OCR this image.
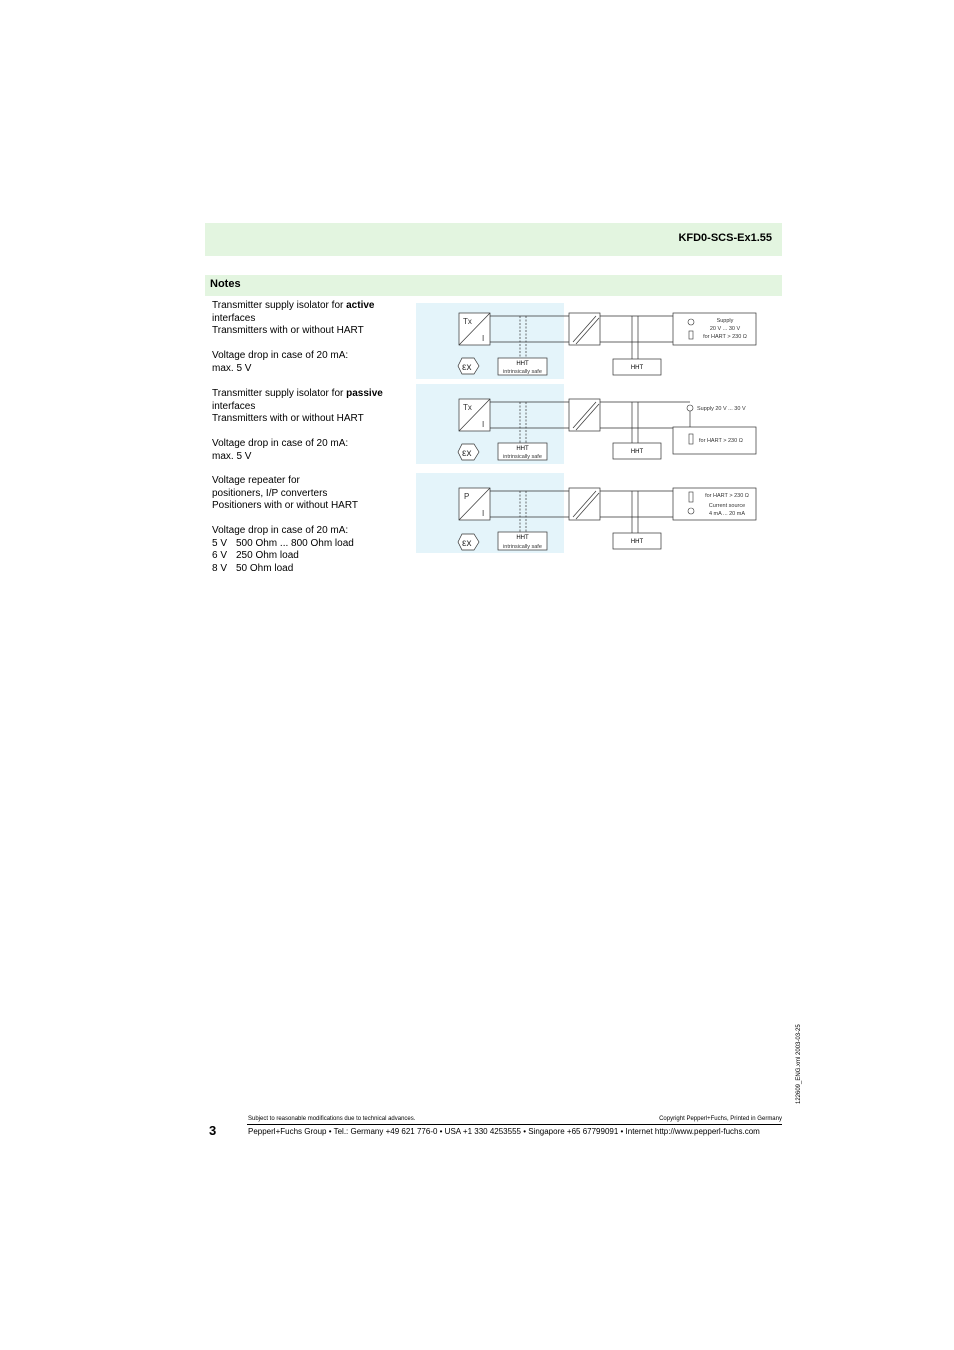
KFD0-SCS-Ex1.55
Notes
Transmitter supply isolator for active
interfaces
Transmitters with or without HART
Voltage drop in case of 20 mA:
max. 5 V
Transmitter supply isolator for passive
interfaces
Transmitters with or without HART
Voltage drop in case of 20 mA:
max. 5 V
Voltage repeater for
positioners, I/P converters
Positioners with or without HART
Voltage drop in case of 20 mA:
5 V 500 Ohm ... 800 Ohm load
6 V 250 Ohm load
8 V 50 Ohm load
Tx
I
εx	HHT
intrinsically safe
HHT
Supply
20 V ... 30 V
for HART > 230 Ω
Tx
I
εx	HHT
intrinsically safe
Supply 20 V ... 30 V
HHT
for HART > 230 Ω
P
I
εx	HHT
intrinsically safe
HHT
for HART > 230 Ω
Current source
4 mA ... 20 mA
122609_ENG.xml 2003-03-25
Subject to reasonable modifications due to technical advances.	Copyright Pepperl+Fuchs, Printed in Germany
3	Pepperl+Fuchs Group • Tel.: Germany +49 621 776-0 • USA +1 330 4253555 • Singapore +65 67799091 • Internet http://www.pepperl-fuchs.com
